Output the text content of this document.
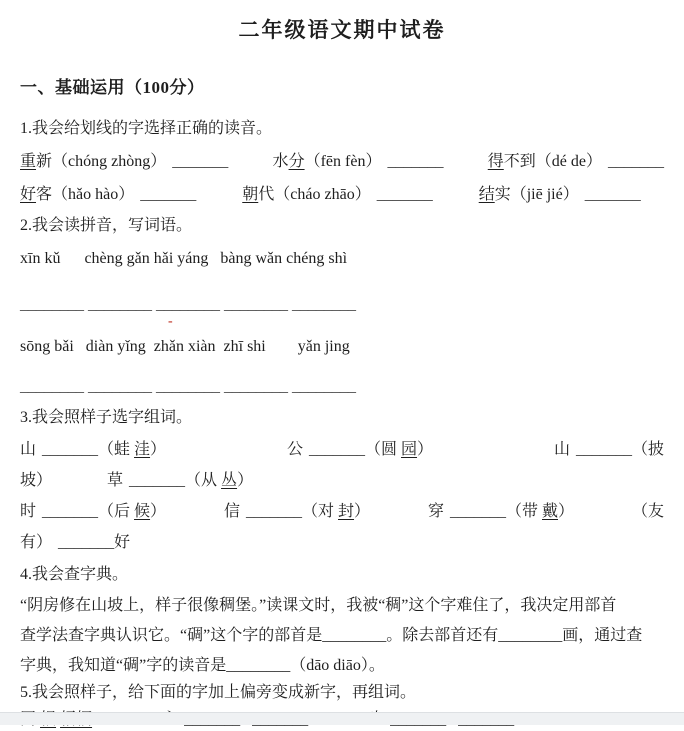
二年级语文期中试卷
一、基础运用（100分）
1.我会给划线的字选择正确的读音。
重新（chóng zhòng） _______	水分（fēn fèn） _______	得不到（dé de） _______
好客（hǎo hào） _______	朝代（cháo zhāo） _______	结实（jiē jié） _______
2.我会读拼音，写词语。
xīn kǔ      chèng gǎn hǎi yáng   bàng wǎn chéng shì
________ ________ ________ ________ ________
-
sōng bǎi   diàn yǐng  zhǎn xiàn  zhī shi        yǎn jing
________ ________ ________ ________ ________
3.我会照样子选字组词。
山 _______（蛙 洼）	公 _______（圆 园）	山 _______（披
坡）	草 _______（从 丛）
时 _______（后 候）	信 _______（对 封）	穿 _______（带 戴）	（友
有） _______好
4.我会查字典。
“阴房修在山坡上，样子很像稠堡。”读课文时，我被“稠”这个字难住了，我决定用部首
查学法查字典认识它。“碉”这个字的部首是________。除去部首还有________画，通过查
字典，我知道“碉”字的读音是________（dāo diāo）。
5.我会照样子，给下面的字加上偏旁变成新字，再组词。
